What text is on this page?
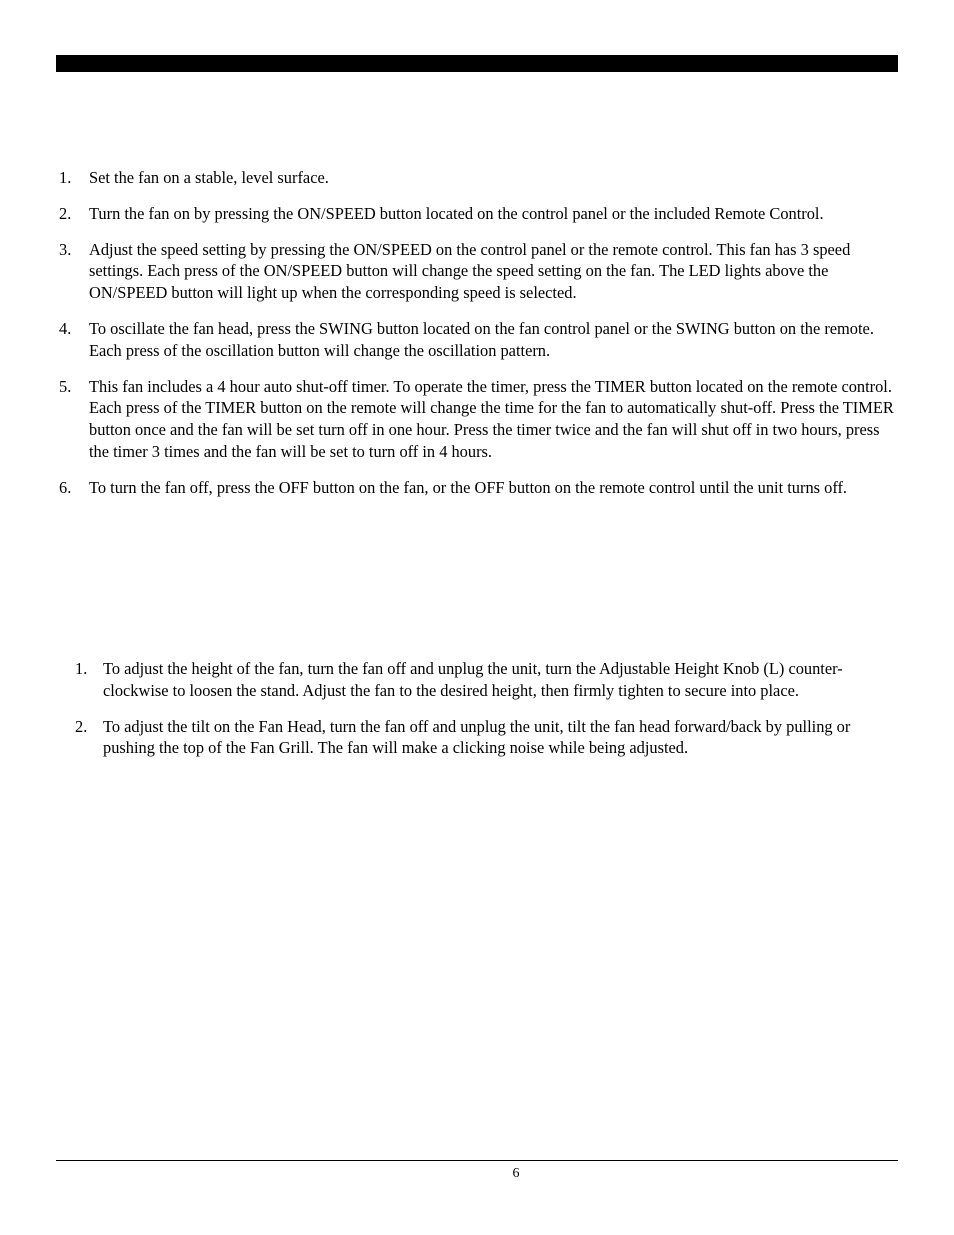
1. Set the fan on a stable, level surface.
2. Turn the fan on by pressing the ON/SPEED button located on the control panel or the included Remote Control.
3. Adjust the speed setting by pressing the ON/SPEED on the control panel or the remote control. This fan has 3 speed settings. Each press of the ON/SPEED button will change the speed setting on the fan. The LED lights above the ON/SPEED button will light up when the corresponding speed is selected.
4. To oscillate the fan head, press the SWING button located on the fan control panel or the SWING button on the remote. Each press of the oscillation button will change the oscillation pattern.
5. This fan includes a 4 hour auto shut-off timer. To operate the timer, press the TIMER button located on the remote control. Each press of the TIMER button on the remote will change the time for the fan to automatically shut-off. Press the TIMER button once and the fan will be set turn off in one hour. Press the timer twice and the fan will shut off in two hours, press the timer 3 times and the fan will be set to turn off in 4 hours.
6. To turn the fan off, press the OFF button on the fan, or the OFF button on the remote control until the unit turns off.
1. To adjust the height of the fan, turn the fan off and unplug the unit, turn the Adjustable Height Knob (L) counter-clockwise to loosen the stand. Adjust the fan to the desired height, then firmly tighten to secure into place.
2. To adjust the tilt on the Fan Head, turn the fan off and unplug the unit, tilt the fan head forward/back by pulling or pushing the top of the Fan Grill. The fan will make a clicking noise while being adjusted.
6
